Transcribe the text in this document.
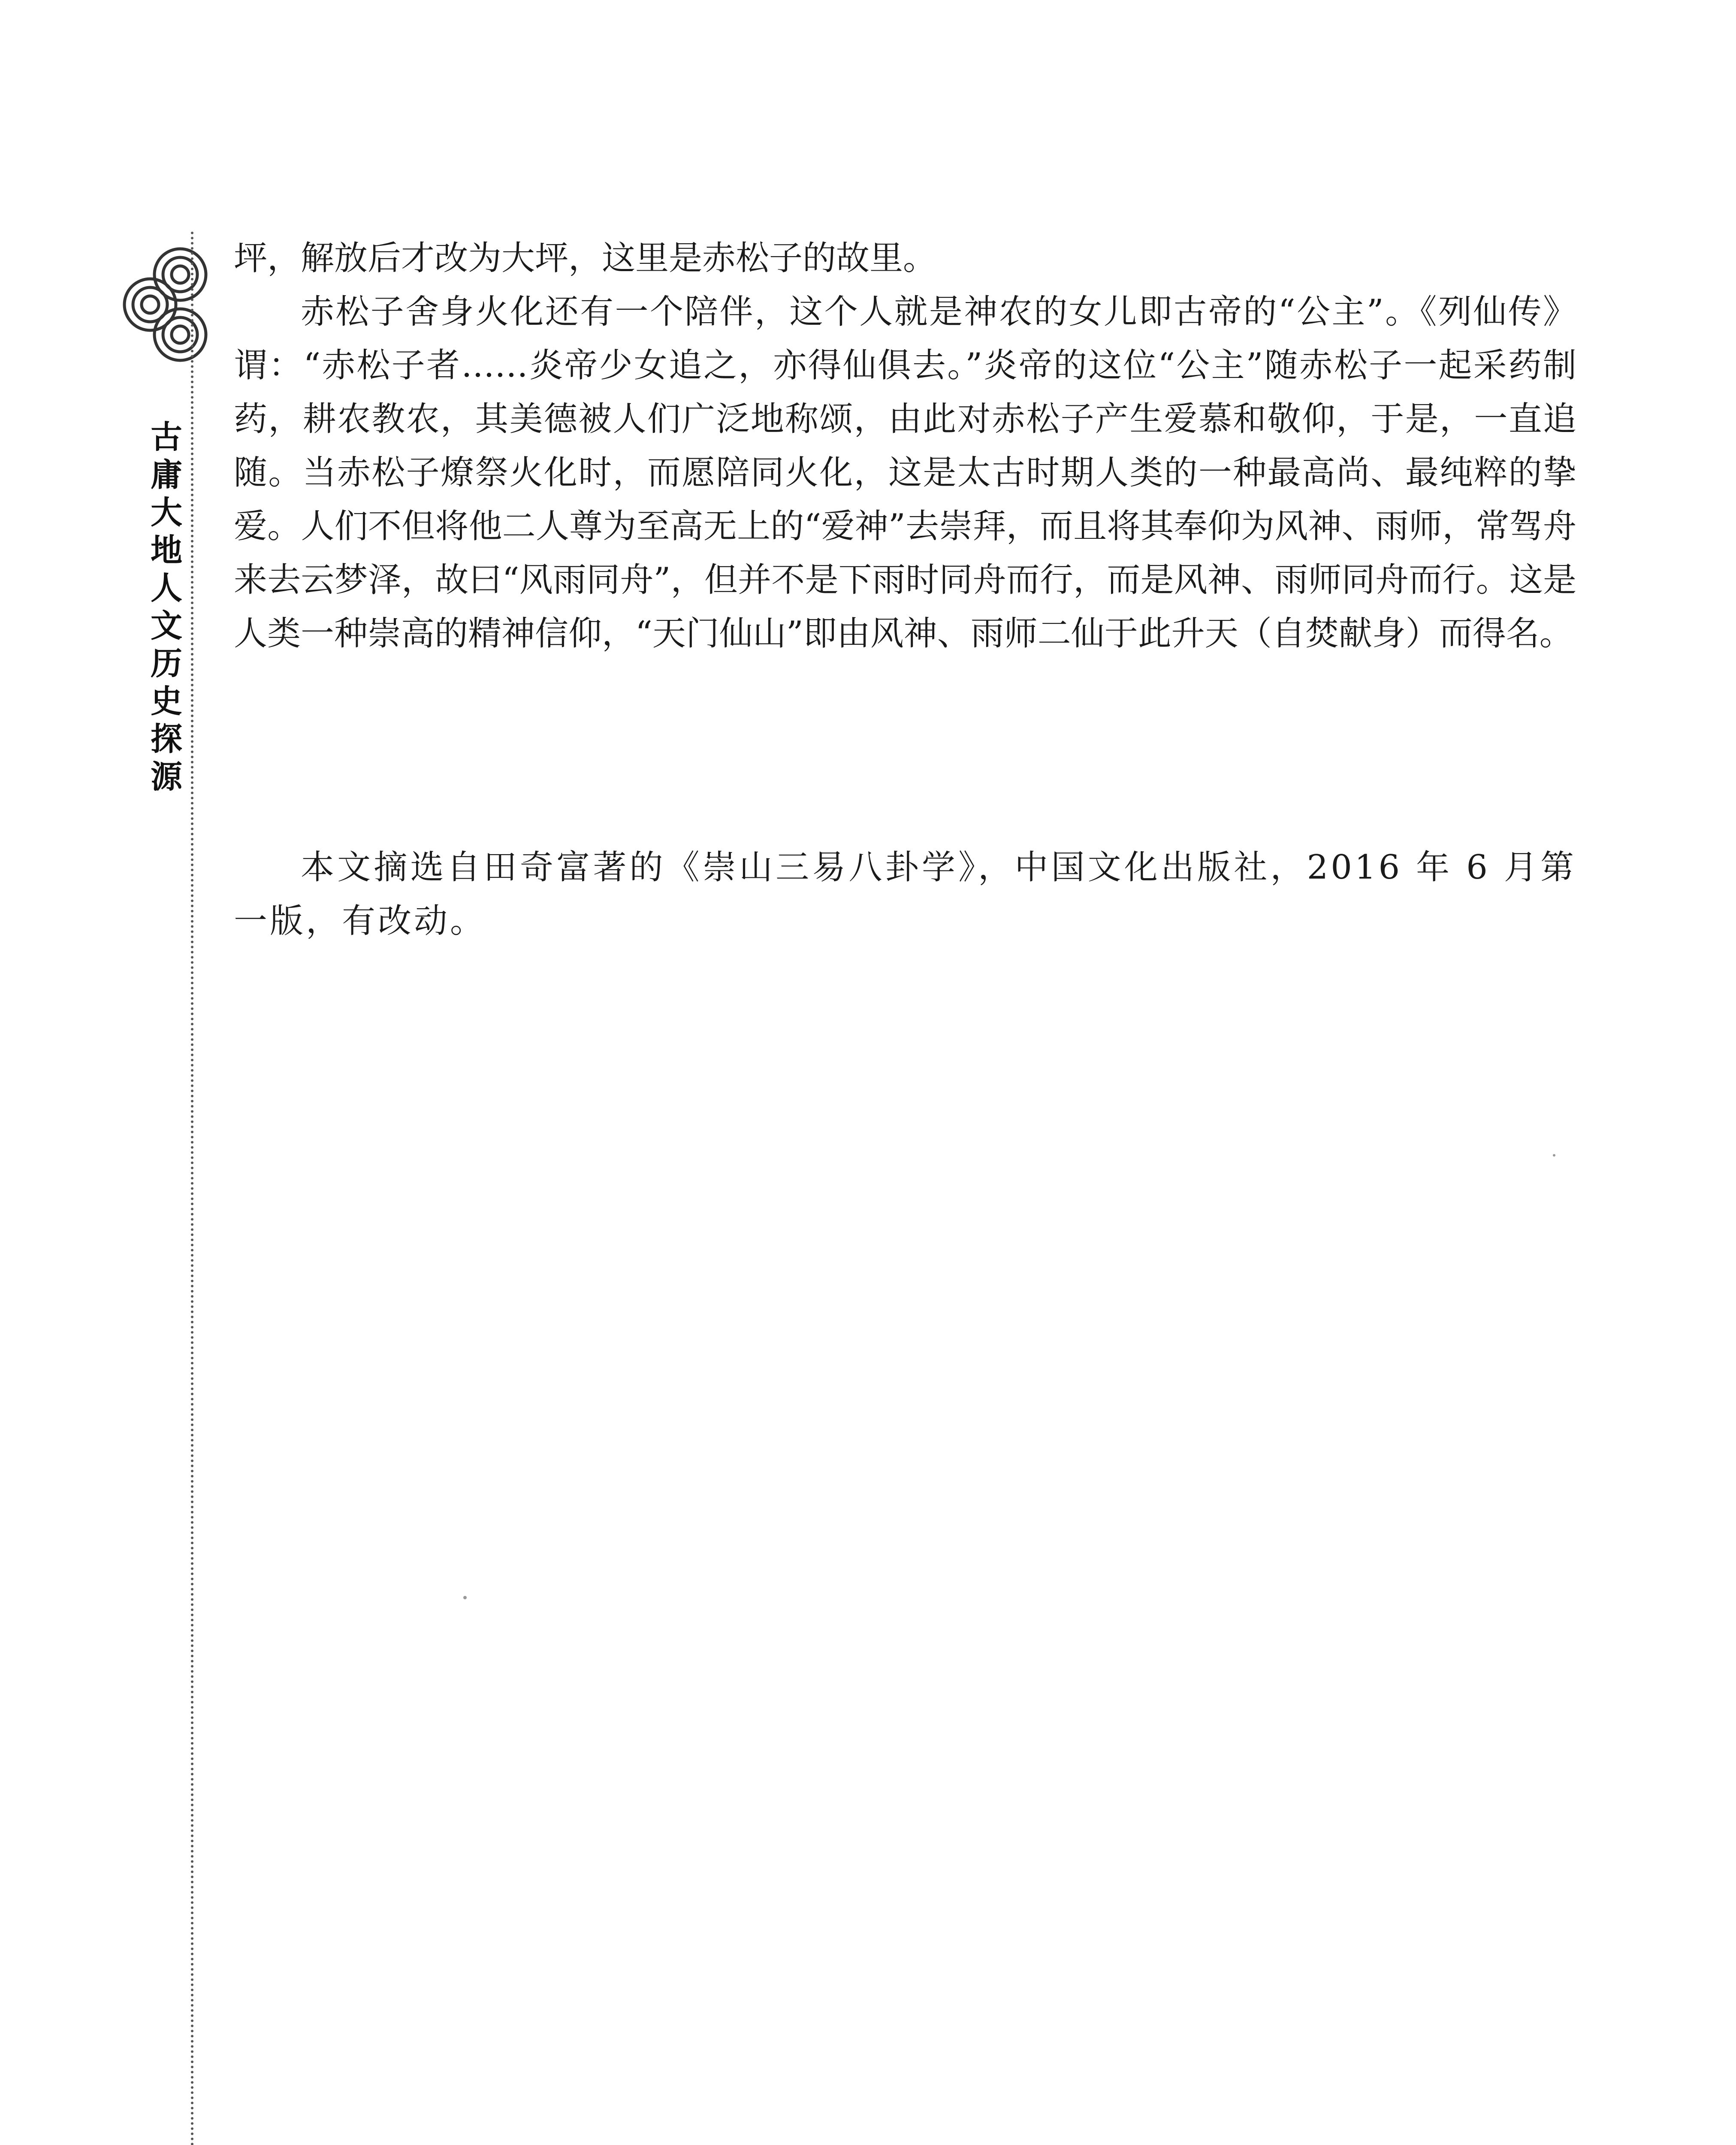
古庸大地人文历史探源

坪，解放后才改为大坪，这里是赤松子的故里。

赤松子舍身火化还有一个陪伴，这个人就是神农的女儿即古帝的“公主”。《列仙传》谓：“赤松子者……炎帝少女追之，亦得仙俱去。”炎帝的这位“公主”随赤松子一起采药制药，耕农教农，其美德被人们广泛地称颂，由此对赤松子产生爱慕和敬仰，于是，一直追随。当赤松子燎祭火化时，而愿陪同火化，这是太古时期人类的一种最高尚、最纯粹的挚爱。人们不但将他二人尊为至高无上的“爱神”去崇拜，而且将其奉仰为风神、雨师，常驾舟来去云梦泽，故曰“风雨同舟”，但并不是下雨时同舟而行，而是风神、雨师同舟而行。这是人类一种崇高的精神信仰，“天门仙山”即由风神、雨师二仙于此升天（自焚献身）而得名。

本文摘选自田奇富著的《崇山三易八卦学》，中国文化出版社，2016 年 6 月第一版，有改动。
